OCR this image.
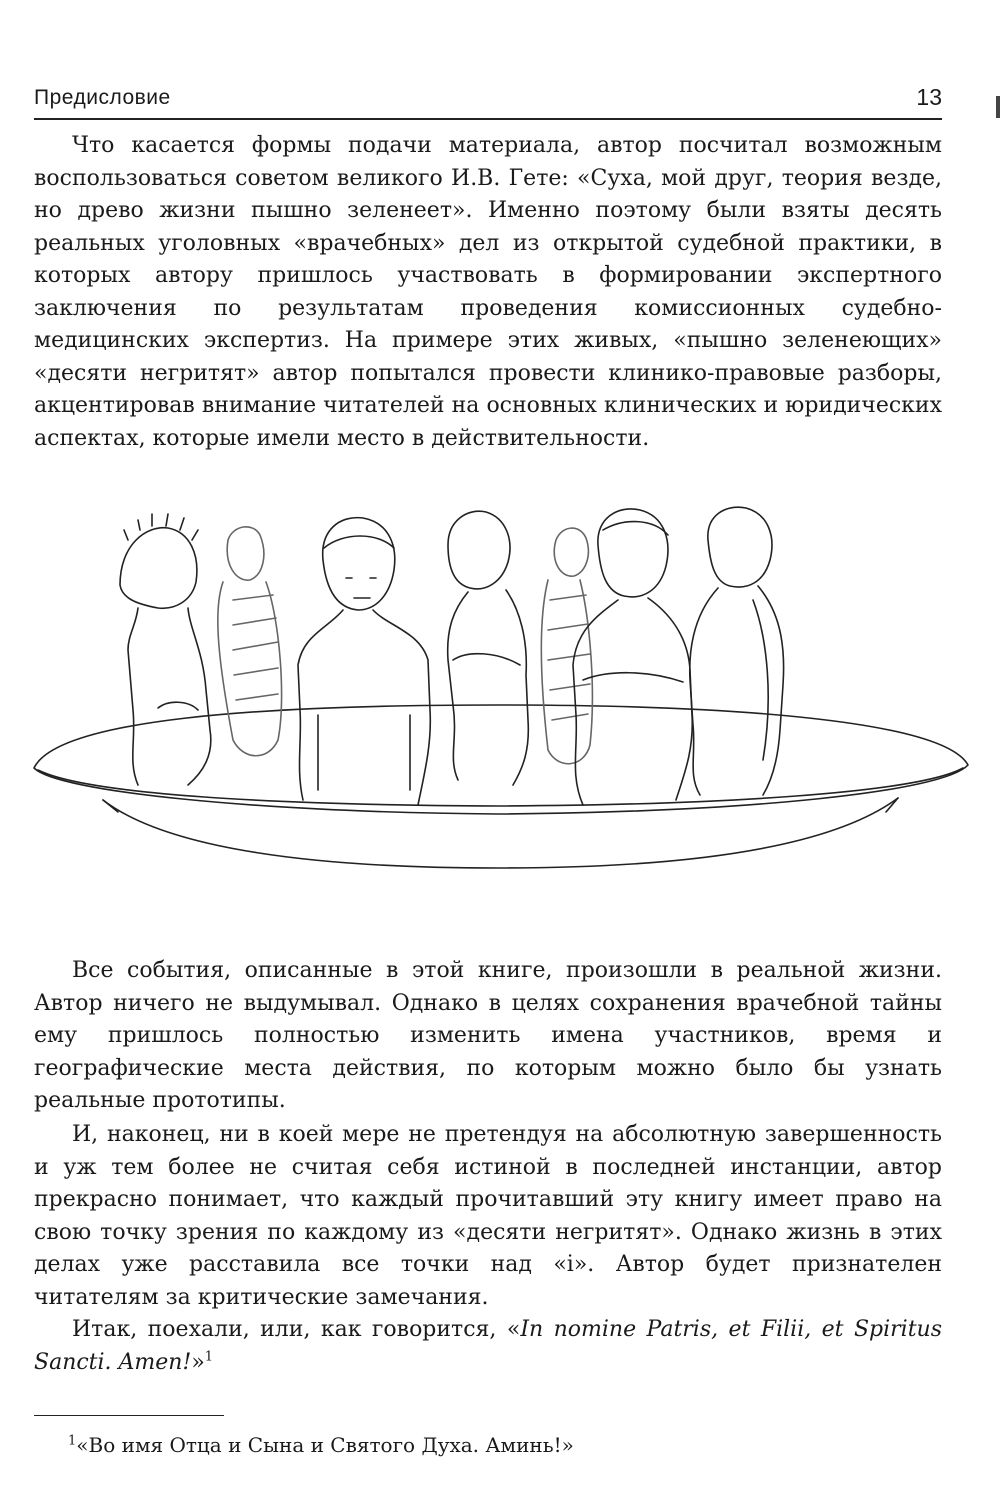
Предисловие	13

Что касается формы подачи материала, автор посчитал возможным воспользоваться советом великого И.В. Гете: «Суха, мой друг, теория везде, но древо жизни пышно зеленеет». Именно поэтому были взяты десять реальных уголовных «врачебных» дел из открытой судебной практики, в которых автору пришлось участвовать в формировании экспертного заключения по результатам проведения комиссионных судебно-медицинских экспертиз. На примере этих живых, «пышно зеленеющих» «десяти негритят» автор попытался провести клинико-правовые разборы, акцентировав внимание читателей на основных клинических и юридических аспектах, которые имели место в действительности.

Все события, описанные в этой книге, произошли в реальной жизни. Автор ничего не выдумывал. Однако в целях сохранения врачебной тайны ему пришлось полностью изменить имена участников, время и географические места действия, по которым можно было бы узнать реальные прототипы.

И, наконец, ни в коей мере не претендуя на абсолютную завершенность и уж тем более не считая себя истиной в последней инстанции, автор прекрасно понимает, что каждый прочитавший эту книгу имеет право на свою точку зрения по каждому из «десяти негритят». Однако жизнь в этих делах уже расставила все точки над «і». Автор будет признателен читателям за критические замечания.

Итак, поехали, или, как говорится, «In nomine Patris, et Filii, et Spiritus Sancti. Amen!»$^1$

$^1$«Во имя Отца и Сына и Святого Духа. Аминь!»
